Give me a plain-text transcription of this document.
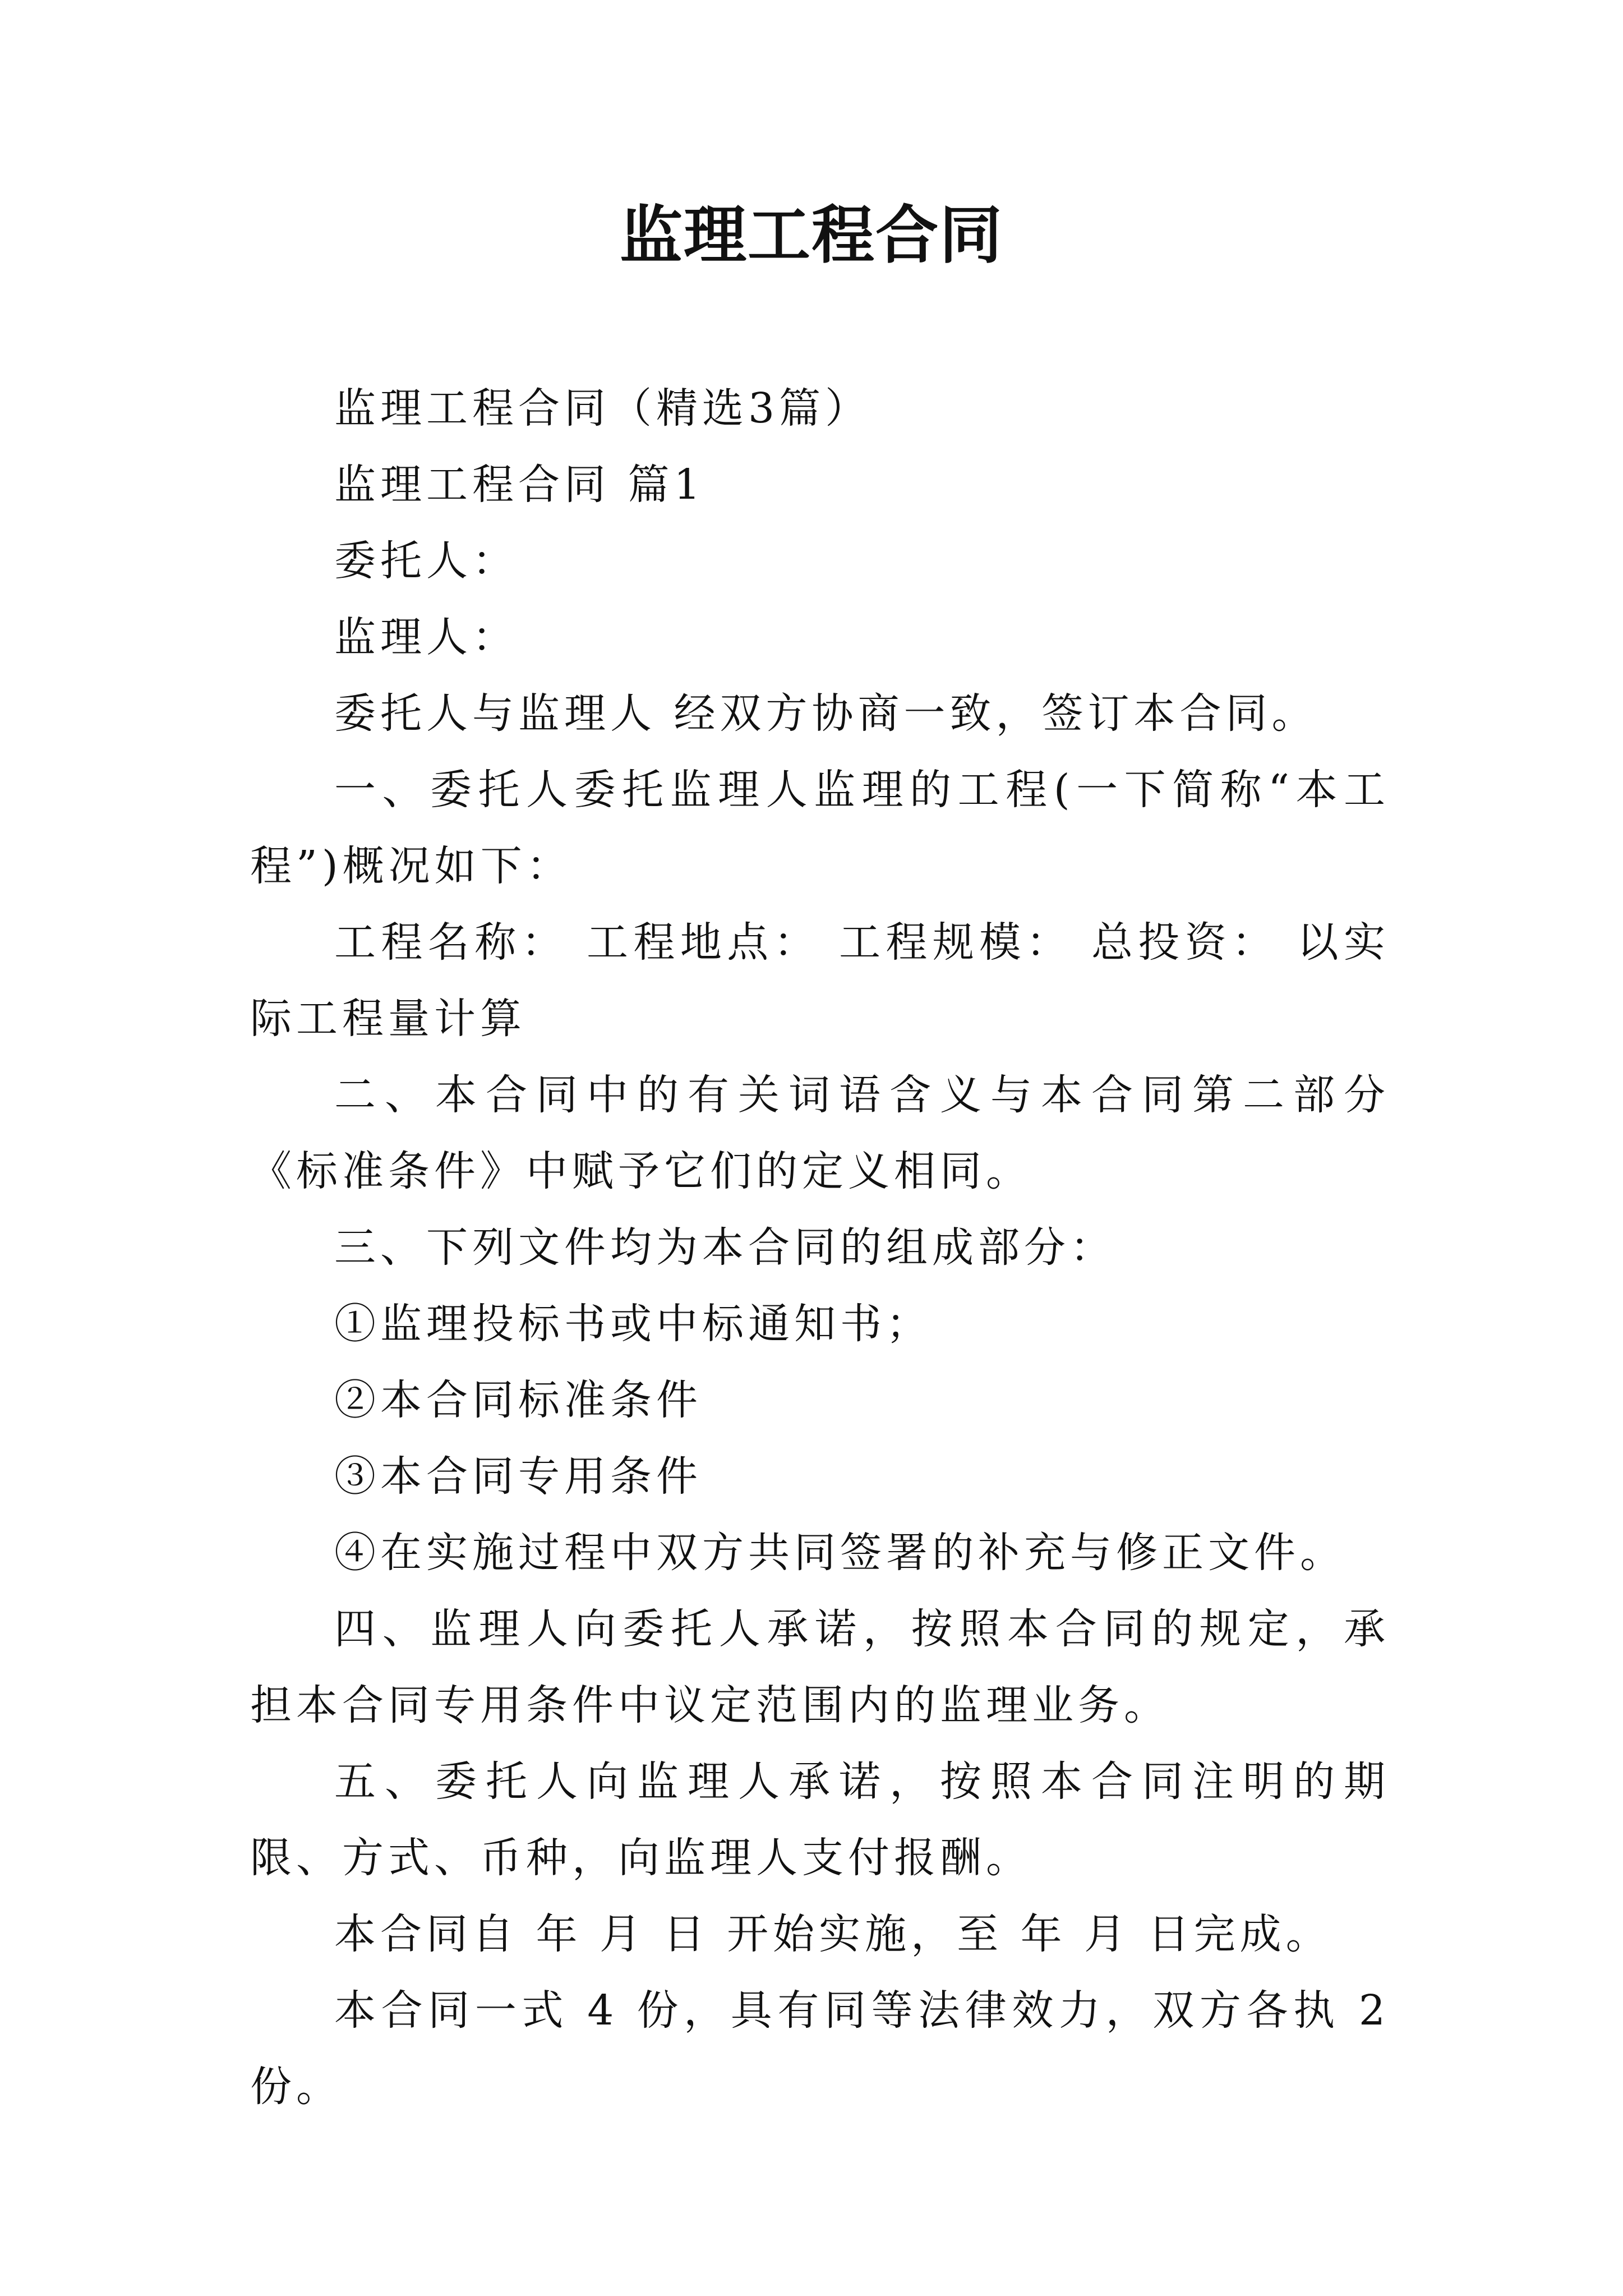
监理工程合同

监理工程合同（精选3篇）

监理工程合同 篇1

委托人：

监理人：

委托人与监理人 经双方协商一致，签订本合同。

一、委托人委托监理人监理的工程(一下简称“本工程”)概况如下：

工程名称： 工程地点： 工程规模： 总投资： 以实际工程量计算

二、本合同中的有关词语含义与本合同第二部分《标准条件》中赋予它们的定义相同。

三、下列文件均为本合同的组成部分：

①监理投标书或中标通知书；

②本合同标准条件

③本合同专用条件

④在实施过程中双方共同签署的补充与修正文件。

四、监理人向委托人承诺，按照本合同的规定，承担本合同专用条件中议定范围内的监理业务。

五、委托人向监理人承诺，按照本合同注明的期限、方式、币种，向监理人支付报酬。

本合同自 年 月 日 开始实施，至 年 月 日完成。

本合同一式 4 份，具有同等法律效力，双方各执 2 份。
